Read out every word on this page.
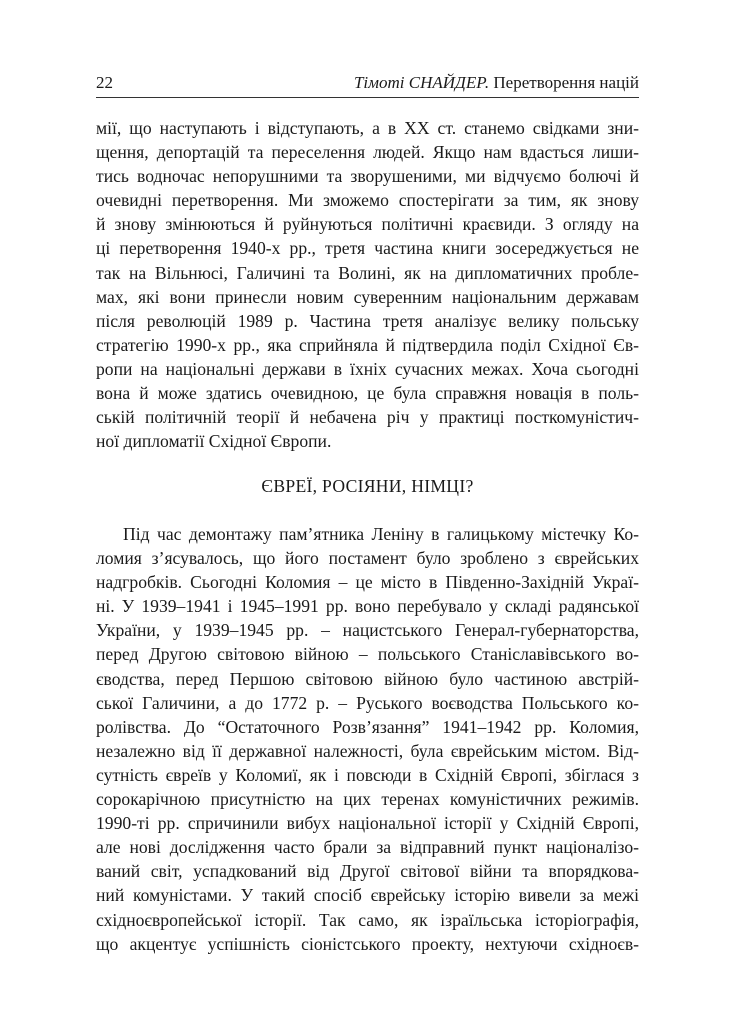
22	Тімоті СНАЙДЕР. Перетворення націй
мії, що наступають і відступають, а в XX ст. станемо свідками зни-
щення, депортацій та переселення людей. Якщо нам вдасться лиши-
тись водночас непорушними та зворушеними, ми відчуємо болючі й
очевидні перетворення. Ми зможемо спостерігати за тим, як знову
й знову змінюються й руйнуються політичні краєвиди. З огляду на
ці перетворення 1940-х рр., третя частина книги зосереджується не
так на Вільнюсі, Галичині та Волині, як на дипломатичних пробле-
мах, які вони принесли новим суверенним національним державам
після революцій 1989 р. Частина третя аналізує велику польську
стратегію 1990-х рр., яка сприйняла й підтвердила поділ Східної Єв-
ропи на національні держави в їхніх сучасних межах. Хоча сьогодні
вона й може здатись очевидною, це була справжня новація в поль-
ській політичній теорії й небачена річ у практиці посткомуністич-
ної дипломатії Східної Європи.
ЄВРЕЇ, РОСІЯНИ, НІМЦІ?
Під час демонтажу пам’ятника Леніну в галицькому містечку Ко-
ломия з’ясувалось, що його постамент було зроблено з єврейських
надгробків. Сьогодні Коломия – це місто в Південно-Західній Украї-
ні. У 1939–1941 і 1945–1991 рр. воно перебувало у складі радянської
України, у 1939–1945 рр. – нацистського Генерал-губернаторства,
перед Другою світовою війною – польського Станіславівського во-
єводства, перед Першою світовою війною було частиною австрій-
ської Галичини, а до 1772 р. – Руського воєводства Польського ко-
ролівства. До “Остаточного Розв’язання” 1941–1942 рр. Коломия,
незалежно від її державної належності, була єврейським містом. Від-
сутність євреїв у Коломиї, як і повсюди в Східній Європі, збіглася з
сорокарічною присутністю на цих теренах комуністичних режимів.
1990-ті рр. спричинили вибух національної історії у Східній Європі,
але нові дослідження часто брали за відправний пункт націоналізо-
ваний світ, успадкований від Другої світової війни та впорядкова-
ний комуністами. У такий спосіб єврейську історію вивели за межі
східноєвропейської історії. Так само, як ізраїльська історіографія,
що акцентує успішність сіоністського проекту, нехтуючи східноєв-
